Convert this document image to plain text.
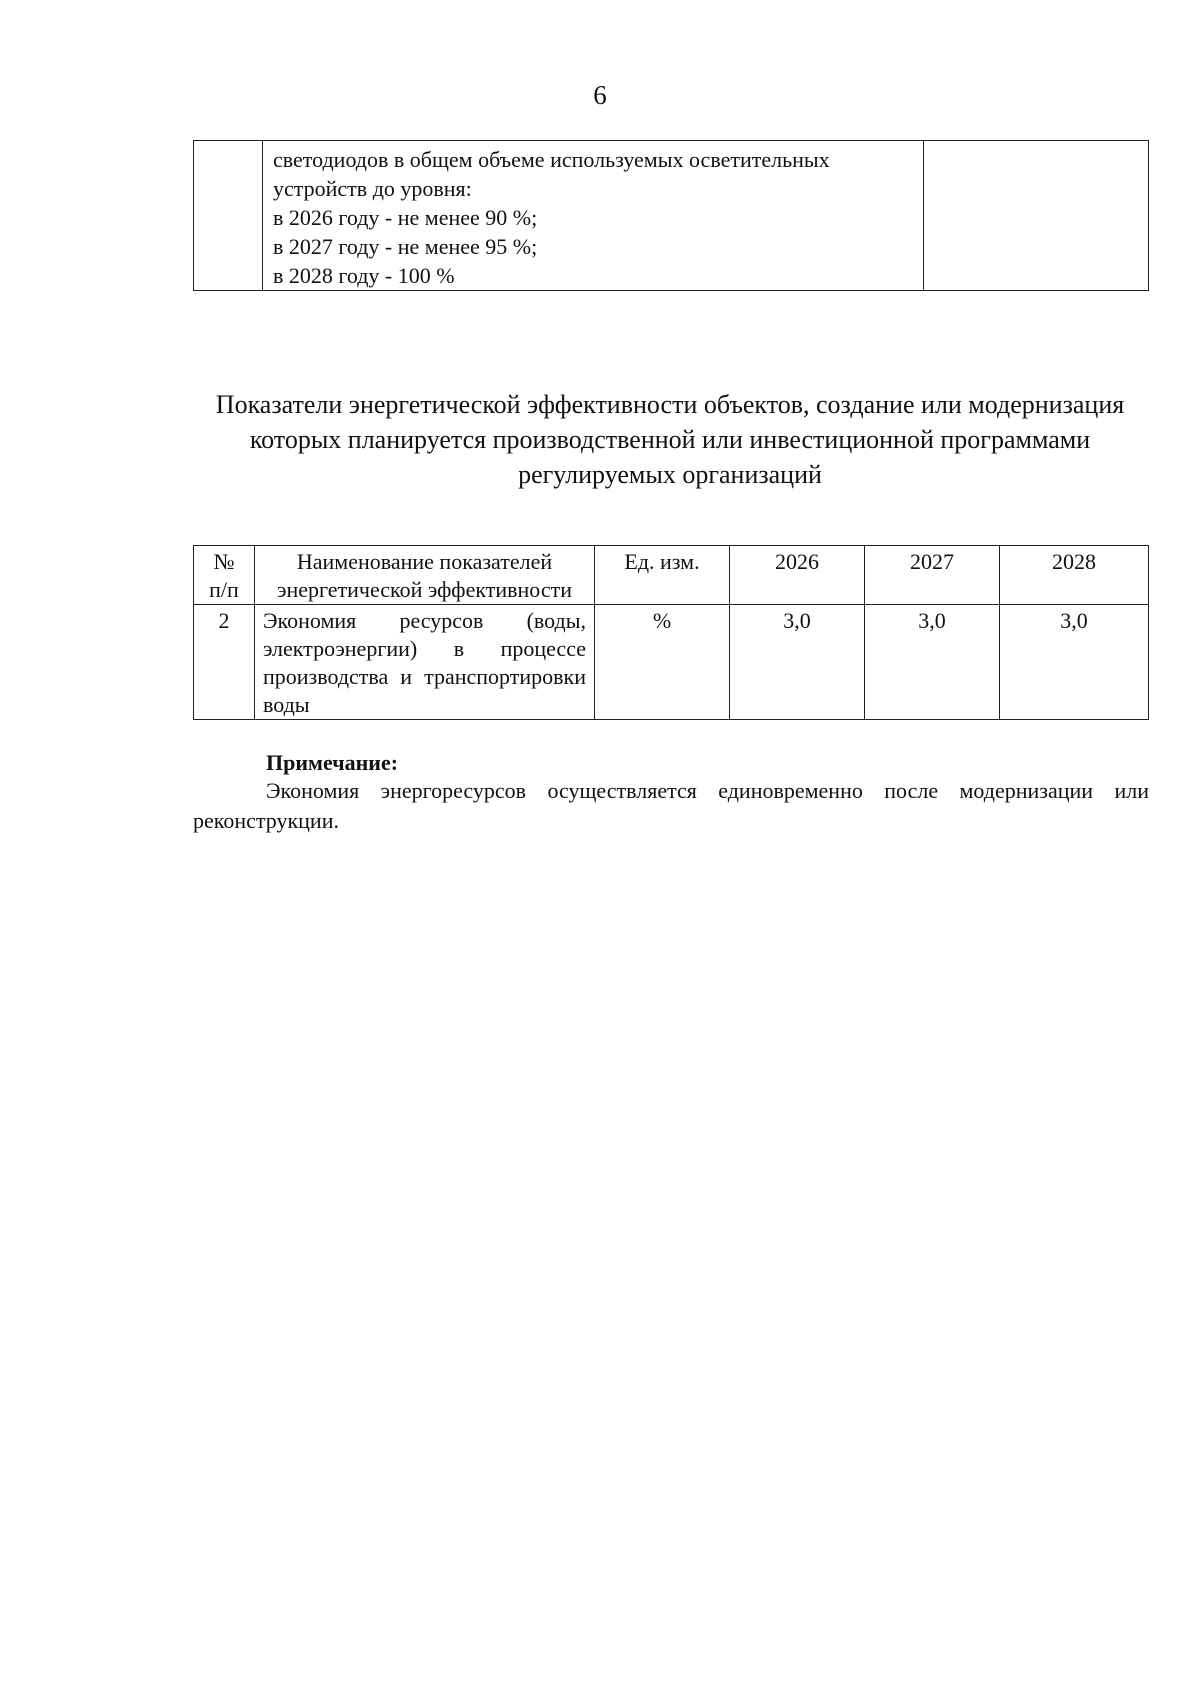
6

светодиодов в общем объеме используемых осветительных
устройств до уровня:
в 2026 году - не менее 90 %;
в 2027 году - не менее 95 %;
в 2028 году - 100 %

Показатели энергетической эффективности объектов, создание или модернизация которых планируется производственной или инвестиционной программами регулируемых организаций
№ п/п	Наименование показателей энергетической эффективности	Ед. изм.	2026	2027	2028
2	Экономия ресурсов (воды, электроэнергии) в процессе производства и транспортировки воды	%	3,0	3,0	3,0
Примечание:
Экономия энергоресурсов осуществляется единовременно после модернизации или реконструкции.
